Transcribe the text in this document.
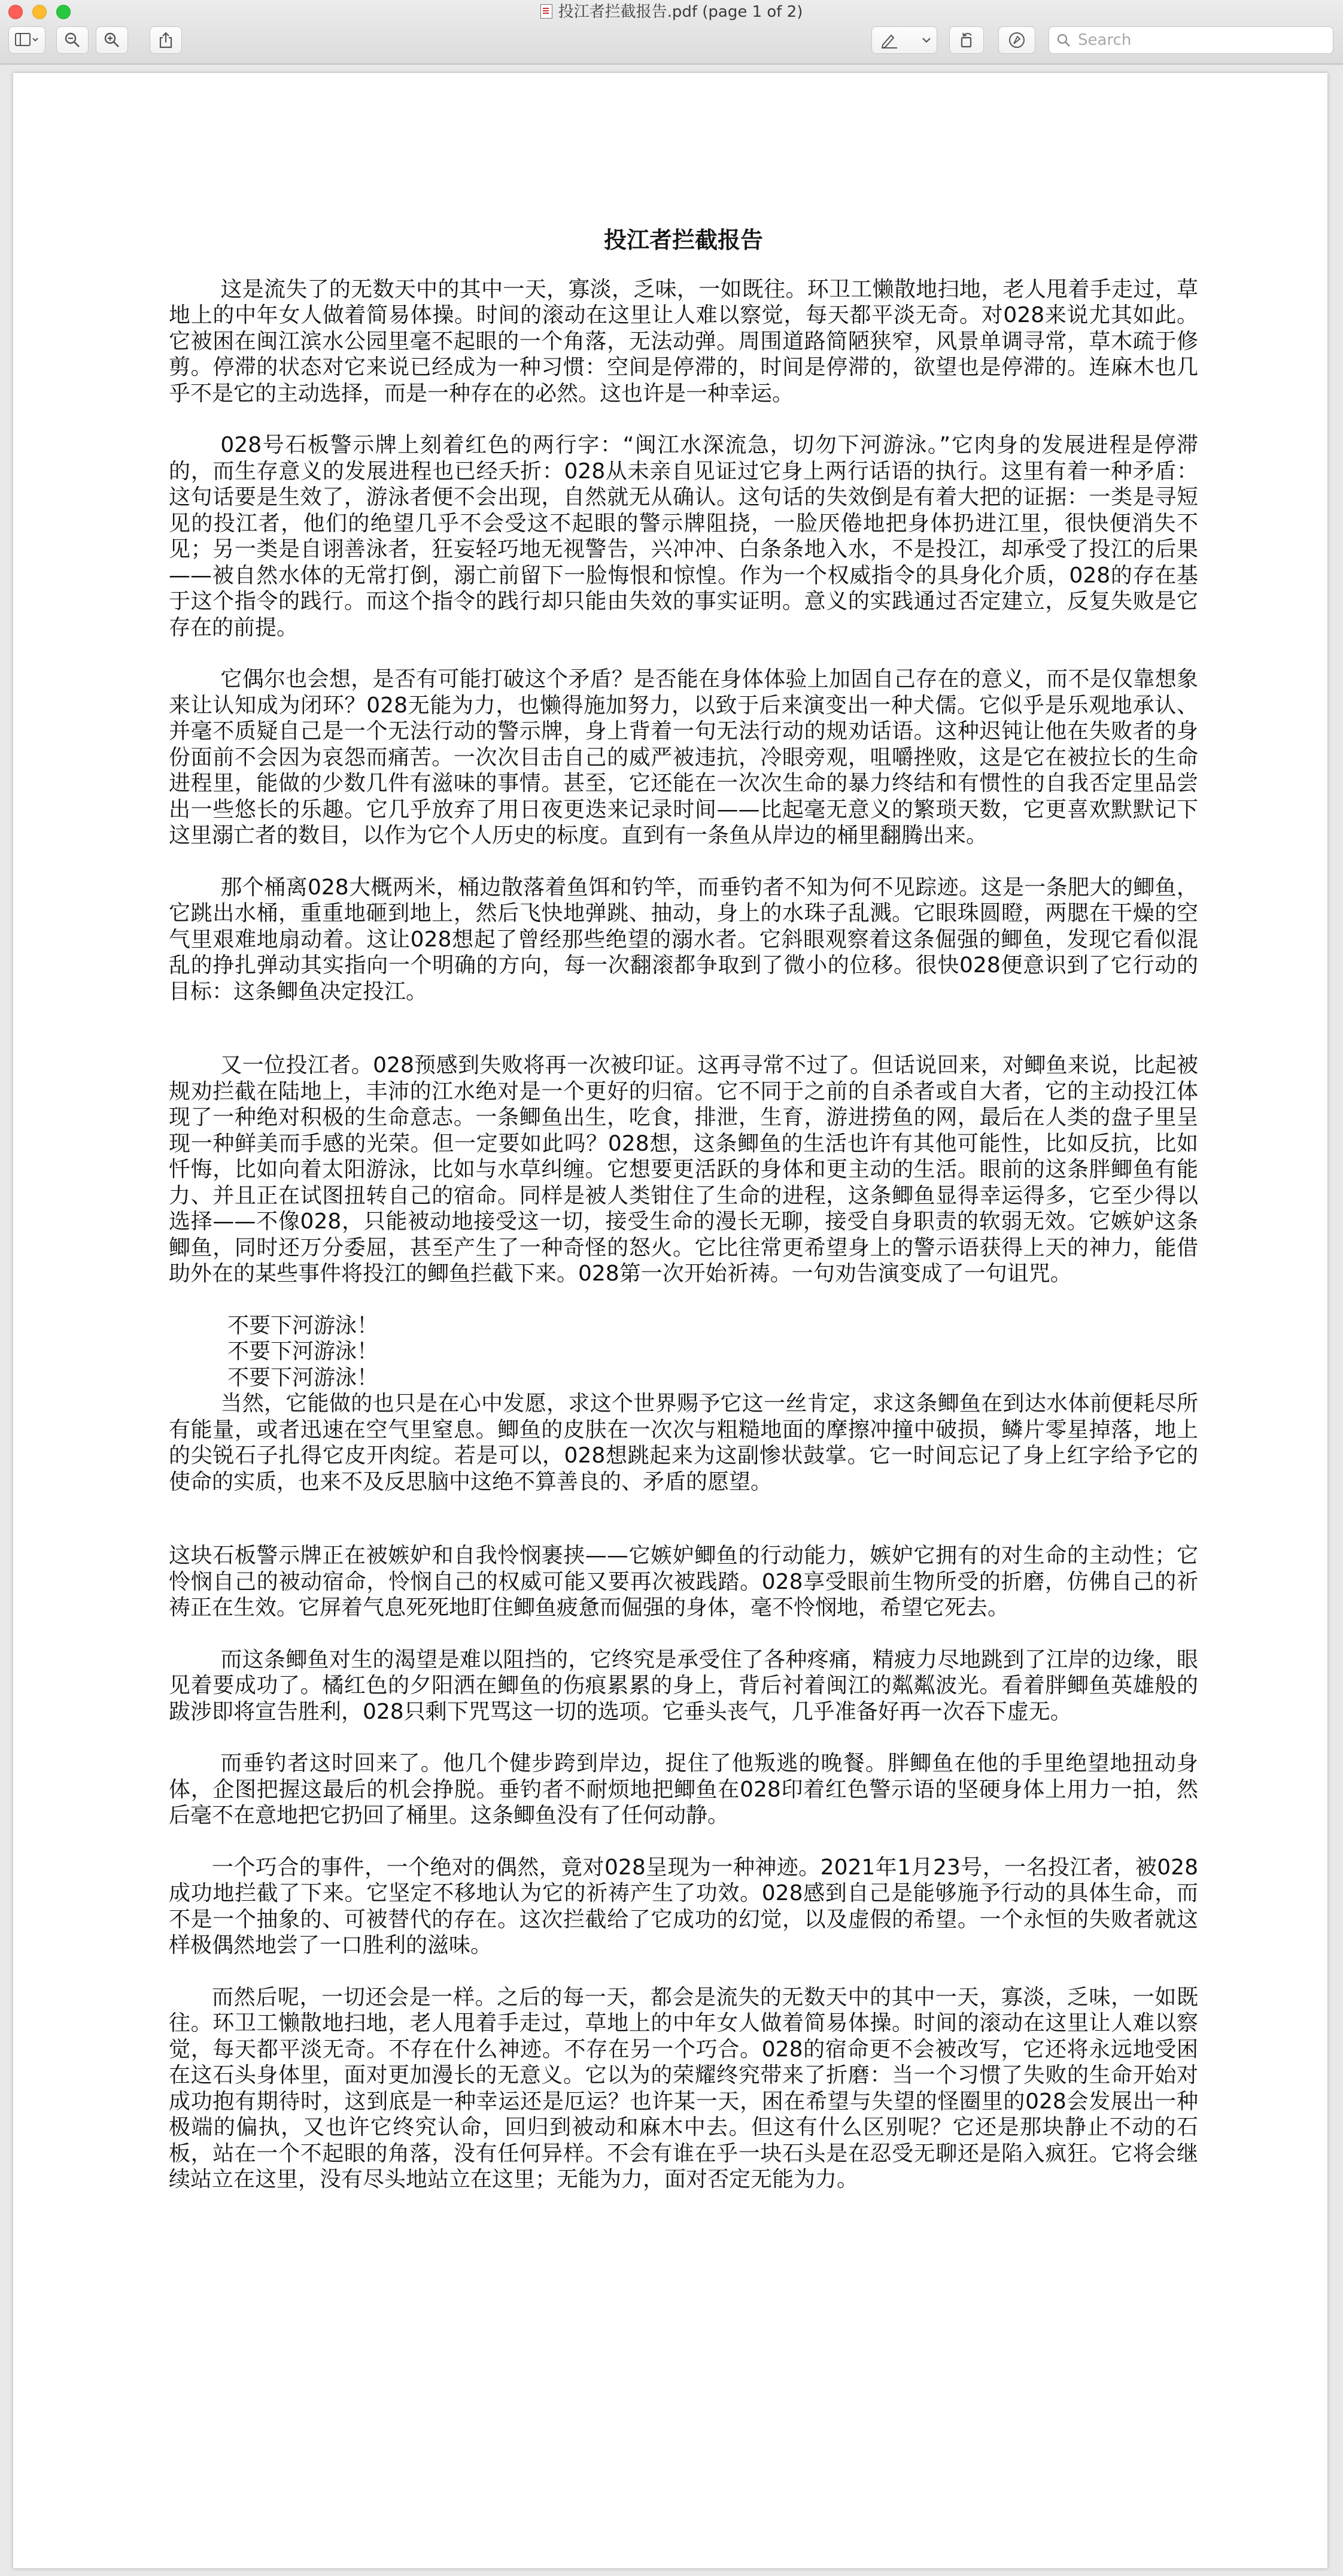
投江者拦截报告.pdf (page 1 of 2)
Search
投江者拦截报告

这是流失了的无数天中的其中一天，寡淡，乏味，一如既往。环卫工懒散地扫地，老人甩着手走过，草地上的中年女人做着简易体操。时间的滚动在这里让人难以察觉，每天都平淡无奇。对028来说尤其如此。它被困在闽江滨水公园里毫不起眼的一个角落，无法动弹。周围道路简陋狭窄，风景单调寻常，草木疏于修剪。停滞的状态对它来说已经成为一种习惯：空间是停滞的，时间是停滞的，欲望也是停滞的。连麻木也几乎不是它的主动选择，而是一种存在的必然。这也许是一种幸运。

028号石板警示牌上刻着红色的两行字：“闽江水深流急，切勿下河游泳。”它肉身的发展进程是停滞的，而生存意义的发展进程也已经夭折：028从未亲自见证过它身上两行话语的执行。这里有着一种矛盾：这句话要是生效了，游泳者便不会出现，自然就无从确认。这句话的失效倒是有着大把的证据：一类是寻短见的投江者，他们的绝望几乎不会受这不起眼的警示牌阻挠，一脸厌倦地把身体扔进江里，很快便消失不见；另一类是自诩善泳者，狂妄轻巧地无视警告，兴冲冲、白条条地入水，不是投江，却承受了投江的后果——被自然水体的无常打倒，溺亡前留下一脸悔恨和惊惶。作为一个权威指令的具身化介质，028的存在基于这个指令的践行。而这个指令的践行却只能由失效的事实证明。意义的实践通过否定建立，反复失败是它存在的前提。

它偶尔也会想，是否有可能打破这个矛盾？是否能在身体体验上加固自己存在的意义，而不是仅靠想象来让认知成为闭环？028无能为力，也懒得施加努力，以致于后来演变出一种犬儒。它似乎是乐观地承认、并毫不质疑自己是一个无法行动的警示牌，身上背着一句无法行动的规劝话语。这种迟钝让他在失败者的身份面前不会因为哀怨而痛苦。一次次目击自己的威严被违抗，冷眼旁观，咀嚼挫败，这是它在被拉长的生命进程里，能做的少数几件有滋味的事情。甚至，它还能在一次次生命的暴力终结和有惯性的自我否定里品尝出一些悠长的乐趣。它几乎放弃了用日夜更迭来记录时间——比起毫无意义的繁琐天数，它更喜欢默默记下这里溺亡者的数目，以作为它个人历史的标度。直到有一条鱼从岸边的桶里翻腾出来。

那个桶离028大概两米，桶边散落着鱼饵和钓竿，而垂钓者不知为何不见踪迹。这是一条肥大的鲫鱼，它跳出水桶，重重地砸到地上，然后飞快地弹跳、抽动，身上的水珠子乱溅。它眼珠圆瞪，两腮在干燥的空气里艰难地扇动着。这让028想起了曾经那些绝望的溺水者。它斜眼观察着这条倔强的鲫鱼，发现它看似混乱的挣扎弹动其实指向一个明确的方向，每一次翻滚都争取到了微小的位移。很快028便意识到了它行动的目标：这条鲫鱼决定投江。

又一位投江者。028预感到失败将再一次被印证。这再寻常不过了。但话说回来，对鲫鱼来说，比起被规劝拦截在陆地上，丰沛的江水绝对是一个更好的归宿。它不同于之前的自杀者或自大者，它的主动投江体现了一种绝对积极的生命意志。一条鲫鱼出生，吃食，排泄，生育，游进捞鱼的网，最后在人类的盘子里呈现一种鲜美而手感的光荣。但一定要如此吗？028想，这条鲫鱼的生活也许有其他可能性，比如反抗，比如忏悔，比如向着太阳游泳，比如与水草纠缠。它想要更活跃的身体和更主动的生活。眼前的这条胖鲫鱼有能力、并且正在试图扭转自己的宿命。同样是被人类钳住了生命的进程，这条鲫鱼显得幸运得多，它至少得以选择——不像028，只能被动地接受这一切，接受生命的漫长无聊，接受自身职责的软弱无效。它嫉妒这条鲫鱼，同时还万分委屈，甚至产生了一种奇怪的怒火。它比往常更希望身上的警示语获得上天的神力，能借助外在的某些事件将投江的鲫鱼拦截下来。028第一次开始祈祷。一句劝告演变成了一句诅咒。

不要下河游泳！

不要下河游泳！

不要下河游泳！

当然，它能做的也只是在心中发愿，求这个世界赐予它这一丝肯定，求这条鲫鱼在到达水体前便耗尽所有能量，或者迅速在空气里窒息。鲫鱼的皮肤在一次次与粗糙地面的摩擦冲撞中破损，鳞片零星掉落，地上的尖锐石子扎得它皮开肉绽。若是可以，028想跳起来为这副惨状鼓掌。它一时间忘记了身上红字给予它的使命的实质，也来不及反思脑中这绝不算善良的、矛盾的愿望。

这块石板警示牌正在被嫉妒和自我怜悯裹挟——它嫉妒鲫鱼的行动能力，嫉妒它拥有的对生命的主动性；它怜悯自己的被动宿命，怜悯自己的权威可能又要再次被践踏。028享受眼前生物所受的折磨，仿佛自己的祈祷正在生效。它屏着气息死死地盯住鲫鱼疲惫而倔强的身体，毫不怜悯地，希望它死去。

而这条鲫鱼对生的渴望是难以阻挡的，它终究是承受住了各种疼痛，精疲力尽地跳到了江岸的边缘，眼见着要成功了。橘红色的夕阳洒在鲫鱼的伤痕累累的身上，背后衬着闽江的粼粼波光。看着胖鲫鱼英雄般的跋涉即将宣告胜利，028只剩下咒骂这一切的选项。它垂头丧气，几乎准备好再一次吞下虚无。

而垂钓者这时回来了。他几个健步跨到岸边，捉住了他叛逃的晚餐。胖鲫鱼在他的手里绝望地扭动身体，企图把握这最后的机会挣脱。垂钓者不耐烦地把鲫鱼在028印着红色警示语的坚硬身体上用力一拍，然后毫不在意地把它扔回了桶里。这条鲫鱼没有了任何动静。

一个巧合的事件，一个绝对的偶然，竟对028呈现为一种神迹。2021年1月23号，一名投江者，被028成功地拦截了下来。它坚定不移地认为它的祈祷产生了功效。028感到自己是能够施予行动的具体生命，而不是一个抽象的、可被替代的存在。这次拦截给了它成功的幻觉，以及虚假的希望。一个永恒的失败者就这样极偶然地尝了一口胜利的滋味。

而然后呢，一切还会是一样。之后的每一天，都会是流失的无数天中的其中一天，寡淡，乏味，一如既往。环卫工懒散地扫地，老人甩着手走过，草地上的中年女人做着简易体操。时间的滚动在这里让人难以察觉，每天都平淡无奇。不存在什么神迹。不存在另一个巧合。028的宿命更不会被改写，它还将永远地受困在这石头身体里，面对更加漫长的无意义。它以为的荣耀终究带来了折磨：当一个习惯了失败的生命开始对成功抱有期待时，这到底是一种幸运还是厄运？也许某一天，困在希望与失望的怪圈里的028会发展出一种极端的偏执，又也许它终究认命，回归到被动和麻木中去。但这有什么区别呢？它还是那块静止不动的石板，站在一个不起眼的角落，没有任何异样。不会有谁在乎一块石头是在忍受无聊还是陷入疯狂。它将会继续站立在这里，没有尽头地站立在这里；无能为力，面对否定无能为力。
